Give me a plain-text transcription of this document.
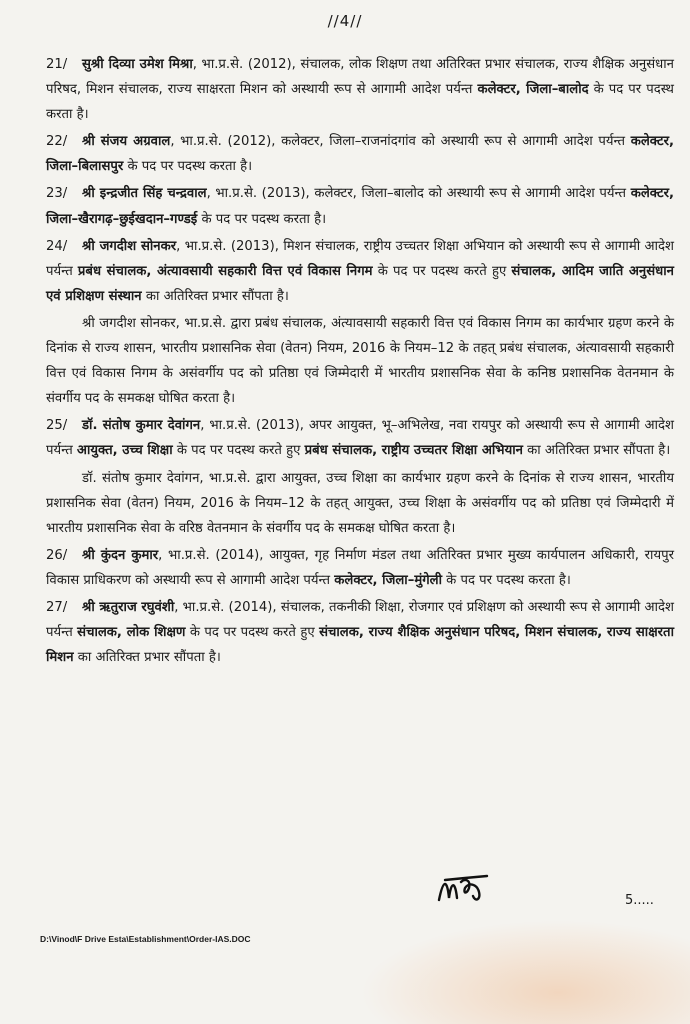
//4//

21/ सुश्री दिव्या उमेश मिश्रा, भा.प्र.से. (2012), संचालक, लोक शिक्षण तथा अतिरिक्त प्रभार संचालक, राज्य शैक्षिक अनुसंधान परिषद, मिशन संचालक, राज्य साक्षरता मिशन को अस्थायी रूप से आगामी आदेश पर्यन्त कलेक्टर, जिला–बालोद के पद पर पदस्थ करता है।

22/ श्री संजय अग्रवाल, भा.प्र.से. (2012), कलेक्टर, जिला–राजनांदगांव को अस्थायी रूप से आगामी आदेश पर्यन्त कलेक्टर, जिला–बिलासपुर के पद पर पदस्थ करता है।

23/ श्री इन्द्रजीत सिंह चन्द्रवाल, भा.प्र.से. (2013), कलेक्टर, जिला–बालोद को अस्थायी रूप से आगामी आदेश पर्यन्त कलेक्टर, जिला–खैरागढ़–छुईखदान–गण्डई के पद पर पदस्थ करता है।

24/ श्री जगदीश सोनकर, भा.प्र.से. (2013), मिशन संचालक, राष्ट्रीय उच्चतर शिक्षा अभियान को अस्थायी रूप से आगामी आदेश पर्यन्त प्रबंध संचालक, अंत्यावसायी सहकारी वित्त एवं विकास निगम के पद पर पदस्थ करते हुए संचालक, आदिम जाति अनुसंधान एवं प्रशिक्षण संस्थान का अतिरिक्त प्रभार सौंपता है।

श्री जगदीश सोनकर, भा.प्र.से. द्वारा प्रबंध संचालक, अंत्यावसायी सहकारी वित्त एवं विकास निगम का कार्यभार ग्रहण करने के दिनांक से राज्य शासन, भारतीय प्रशासनिक सेवा (वेतन) नियम, 2016 के नियम–12 के तहत् प्रबंध संचालक, अंत्यावसायी सहकारी वित्त एवं विकास निगम के असंवर्गीय पद को प्रतिष्ठा एवं जिम्मेदारी में भारतीय प्रशासनिक सेवा के कनिष्ठ प्रशासनिक वेतनमान के संवर्गीय पद के समकक्ष घोषित करता है।

25/ डॉ. संतोष कुमार देवांगन, भा.प्र.से. (2013), अपर आयुक्त, भू–अभिलेख, नवा रायपुर को अस्थायी रूप से आगामी आदेश पर्यन्त आयुक्त, उच्च शिक्षा के पद पर पदस्थ करते हुए प्रबंध संचालक, राष्ट्रीय उच्चतर शिक्षा अभियान का अतिरिक्त प्रभार सौंपता है।

डॉ. संतोष कुमार देवांगन, भा.प्र.से. द्वारा आयुक्त, उच्च शिक्षा का कार्यभार ग्रहण करने के दिनांक से राज्य शासन, भारतीय प्रशासनिक सेवा (वेतन) नियम, 2016 के नियम–12 के तहत् आयुक्त, उच्च शिक्षा के असंवर्गीय पद को प्रतिष्ठा एवं जिम्मेदारी में भारतीय प्रशासनिक सेवा के वरिष्ठ वेतनमान के संवर्गीय पद के समकक्ष घोषित करता है।

26/ श्री कुंदन कुमार, भा.प्र.से. (2014), आयुक्त, गृह निर्माण मंडल तथा अतिरिक्त प्रभार मुख्य कार्यपालन अधिकारी, रायपुर विकास प्राधिकरण को अस्थायी रूप से आगामी आदेश पर्यन्त कलेक्टर, जिला–मुंगेली के पद पर पदस्थ करता है।

27/ श्री ऋतुराज रघुवंशी, भा.प्र.से. (2014), संचालक, तकनीकी शिक्षा, रोजगार एवं प्रशिक्षण को अस्थायी रूप से आगामी आदेश पर्यन्त संचालक, लोक शिक्षण के पद पर पदस्थ करते हुए संचालक, राज्य शैक्षिक अनुसंधान परिषद, मिशन संचालक, राज्य साक्षरता मिशन का अतिरिक्त प्रभार सौंपता है।

5.....
D:\Vinod\F Drive Esta\Establishment\Order-IAS.DOC
